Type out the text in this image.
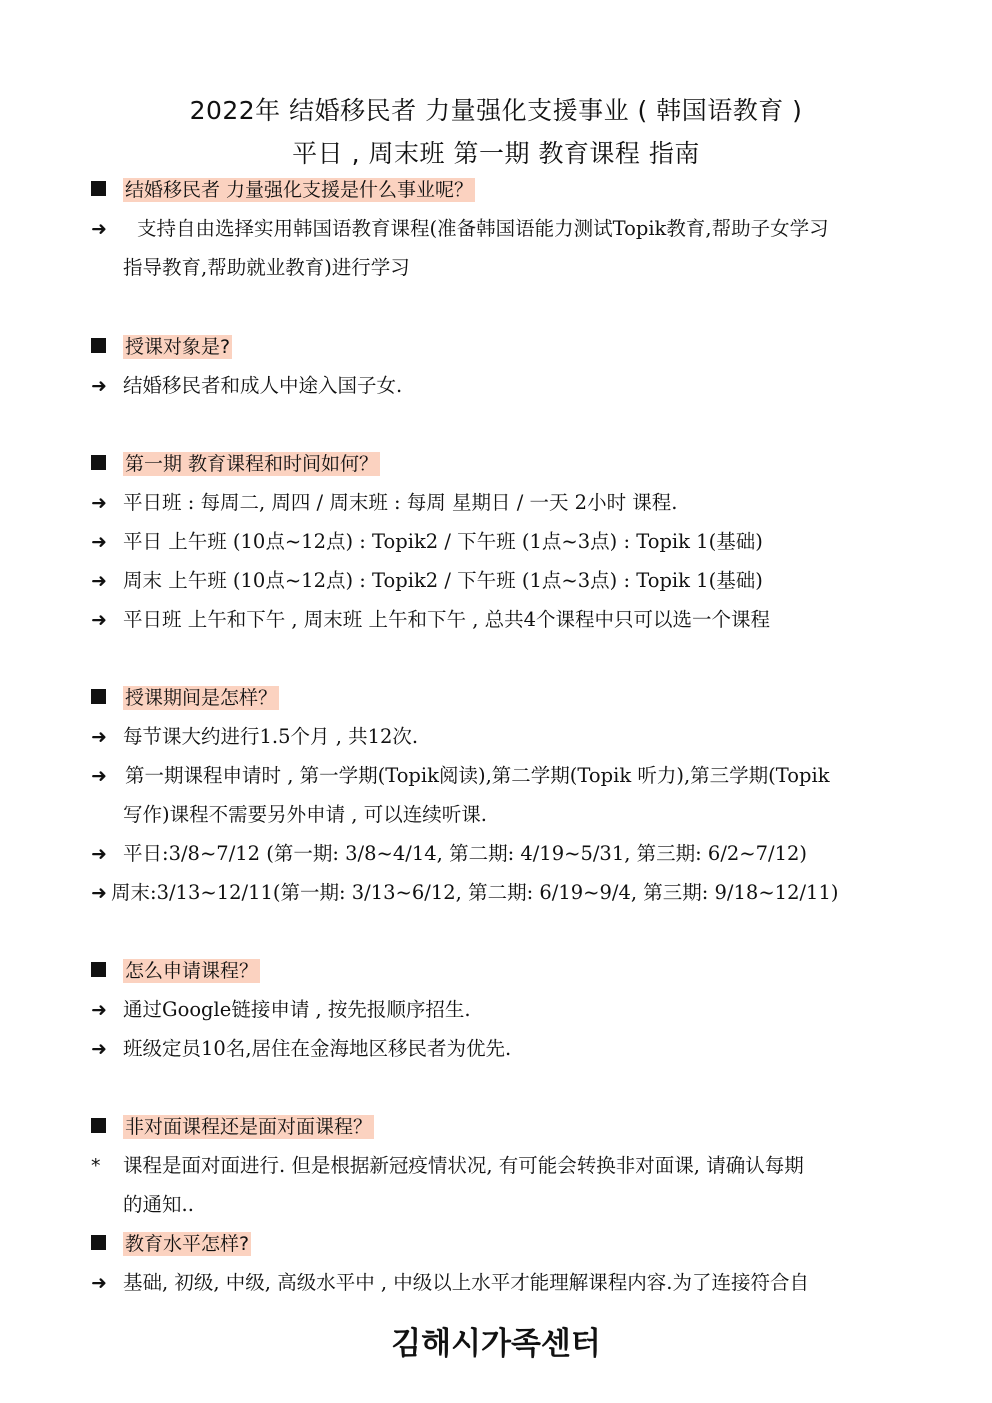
2022年 结婚移民者 力量强化支援事业 ( 韩国语教育 )
平日 , 周末班 第一期 教育课程 指南
结婚移民者 力量强化支援是什么事业呢？
➜ 支持自由选择实用韩国语教育课程(准备韩国语能力测试Topik教育,帮助子女学习
指导教育,帮助就业教育)进行学习
授课对象是?
➜ 结婚移民者和成人中途入国子女.
第一期 教育课程和时间如何？
➜ 平日班 : 每周二, 周四 / 周末班 : 每周 星期日 / 一天 2小时 课程.
➜ 平日 上午班 (10点~12点) : Topik2 / 下午班 (1点~3点) : Topik 1(基础)
➜ 周末 上午班 (10点~12点) : Topik2 / 下午班 (1点~3点) : Topik 1(基础)
➜ 平日班 上午和下午 , 周末班 上午和下午 , 总共4个课程中只可以选一个课程
授课期间是怎样？
➜ 每节课大约进行1.5个月 , 共12次.
➜ 第一期课程申请时 , 第一学期(Topik阅读),第二学期(Topik 听力),第三学期(Topik
写作)课程不需要另外申请 , 可以连续听课.
➜ 平日:3/8~7/12 (第一期: 3/8~4/14, 第二期: 4/19~5/31, 第三期: 6/2~7/12)
➜ 周末:3/13~12/11(第一期: 3/13~6/12, 第二期: 6/19~9/4, 第三期: 9/18~12/11)
怎么申请课程？
➜ 通过Google链接申请 , 按先报顺序招生.
➜ 班级定员10名,居住在金海地区移民者为优先.
非对面课程还是面对面课程？
* 课程是面对面进行. 但是根据新冠疫情状况, 有可能会转换非对面课, 请确认每期
的通知..
教育水平怎样?
➜ 基础, 初级, 中级, 高级水平中 , 中级以上水平才能理解课程内容.为了连接符合自
김해시가족센터
